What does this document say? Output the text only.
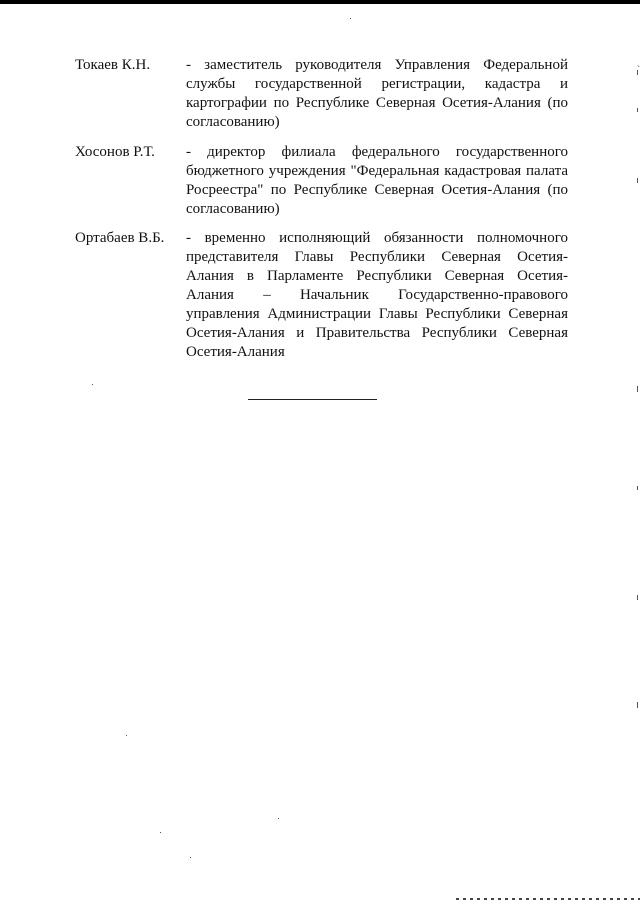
Токаев К.Н. - заместитель руководителя Управления Федеральной
службы государственной регистрации, кадастра и
картографии по Республике Северная Осетия-Алания (по
согласованию)
Хосонов Р.Т. - директор филиала федерального государственного
бюджетного учреждения "Федеральная кадастровая палата
Росреестра" по Республике Северная Осетия-Алания (по
согласованию)
Ортабаев В.Б. - временно исполняющий обязанности полномочного
представителя Главы Республики Северная Осетия-
Алания в Парламенте Республики Северная Осетия-
Алания – Начальник Государственно-правового
управления Администрации Главы Республики Северная
Осетия-Алания и Правительства Республики Северная
Осетия-Алания
